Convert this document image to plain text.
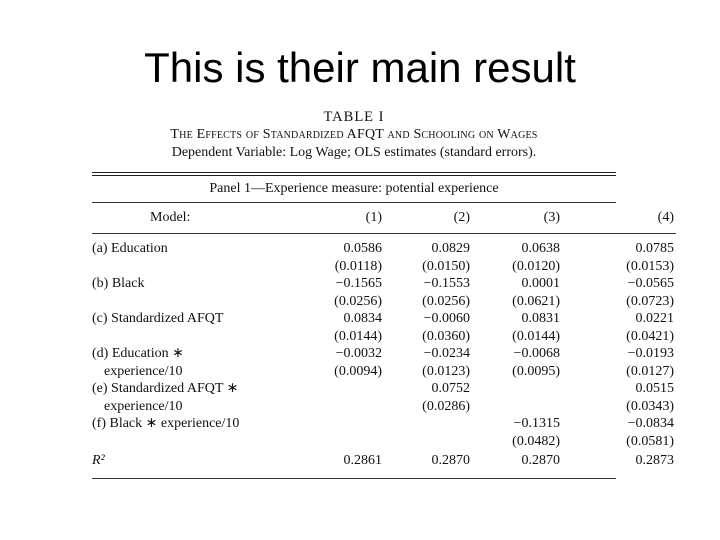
This is their main result
TABLE I
The Effects of Standardized AFQT and Schooling on Wages
Dependent Variable: Log Wage; OLS estimates (standard errors).
Panel 1—Experience measure: potential experience
Model:	(1)	(2)	(3)	(4)

(a) Education	0.0586	0.0829	0.0638	0.0785
	(0.0118)	(0.0150)	(0.0120)	(0.0153)
(b) Black	−0.1565	−0.1553	0.0001	−0.0565
	(0.0256)	(0.0256)	(0.0621)	(0.0723)
(c) Standardized AFQT	0.0834	−0.0060	0.0831	0.0221
	(0.0144)	(0.0360)	(0.0144)	(0.0421)
(d) Education ∗	−0.0032	−0.0234	−0.0068	−0.0193
experience/10	(0.0094)	(0.0123)	(0.0095)	(0.0127)
(e) Standardized AFQT ∗		0.0752		0.0515
experience/10		(0.0286)		(0.0343)
(f) Black ∗ experience/10			−0.1315	−0.0834
			(0.0482)	(0.0581)
R²	0.2861	0.2870	0.2870	0.2873
